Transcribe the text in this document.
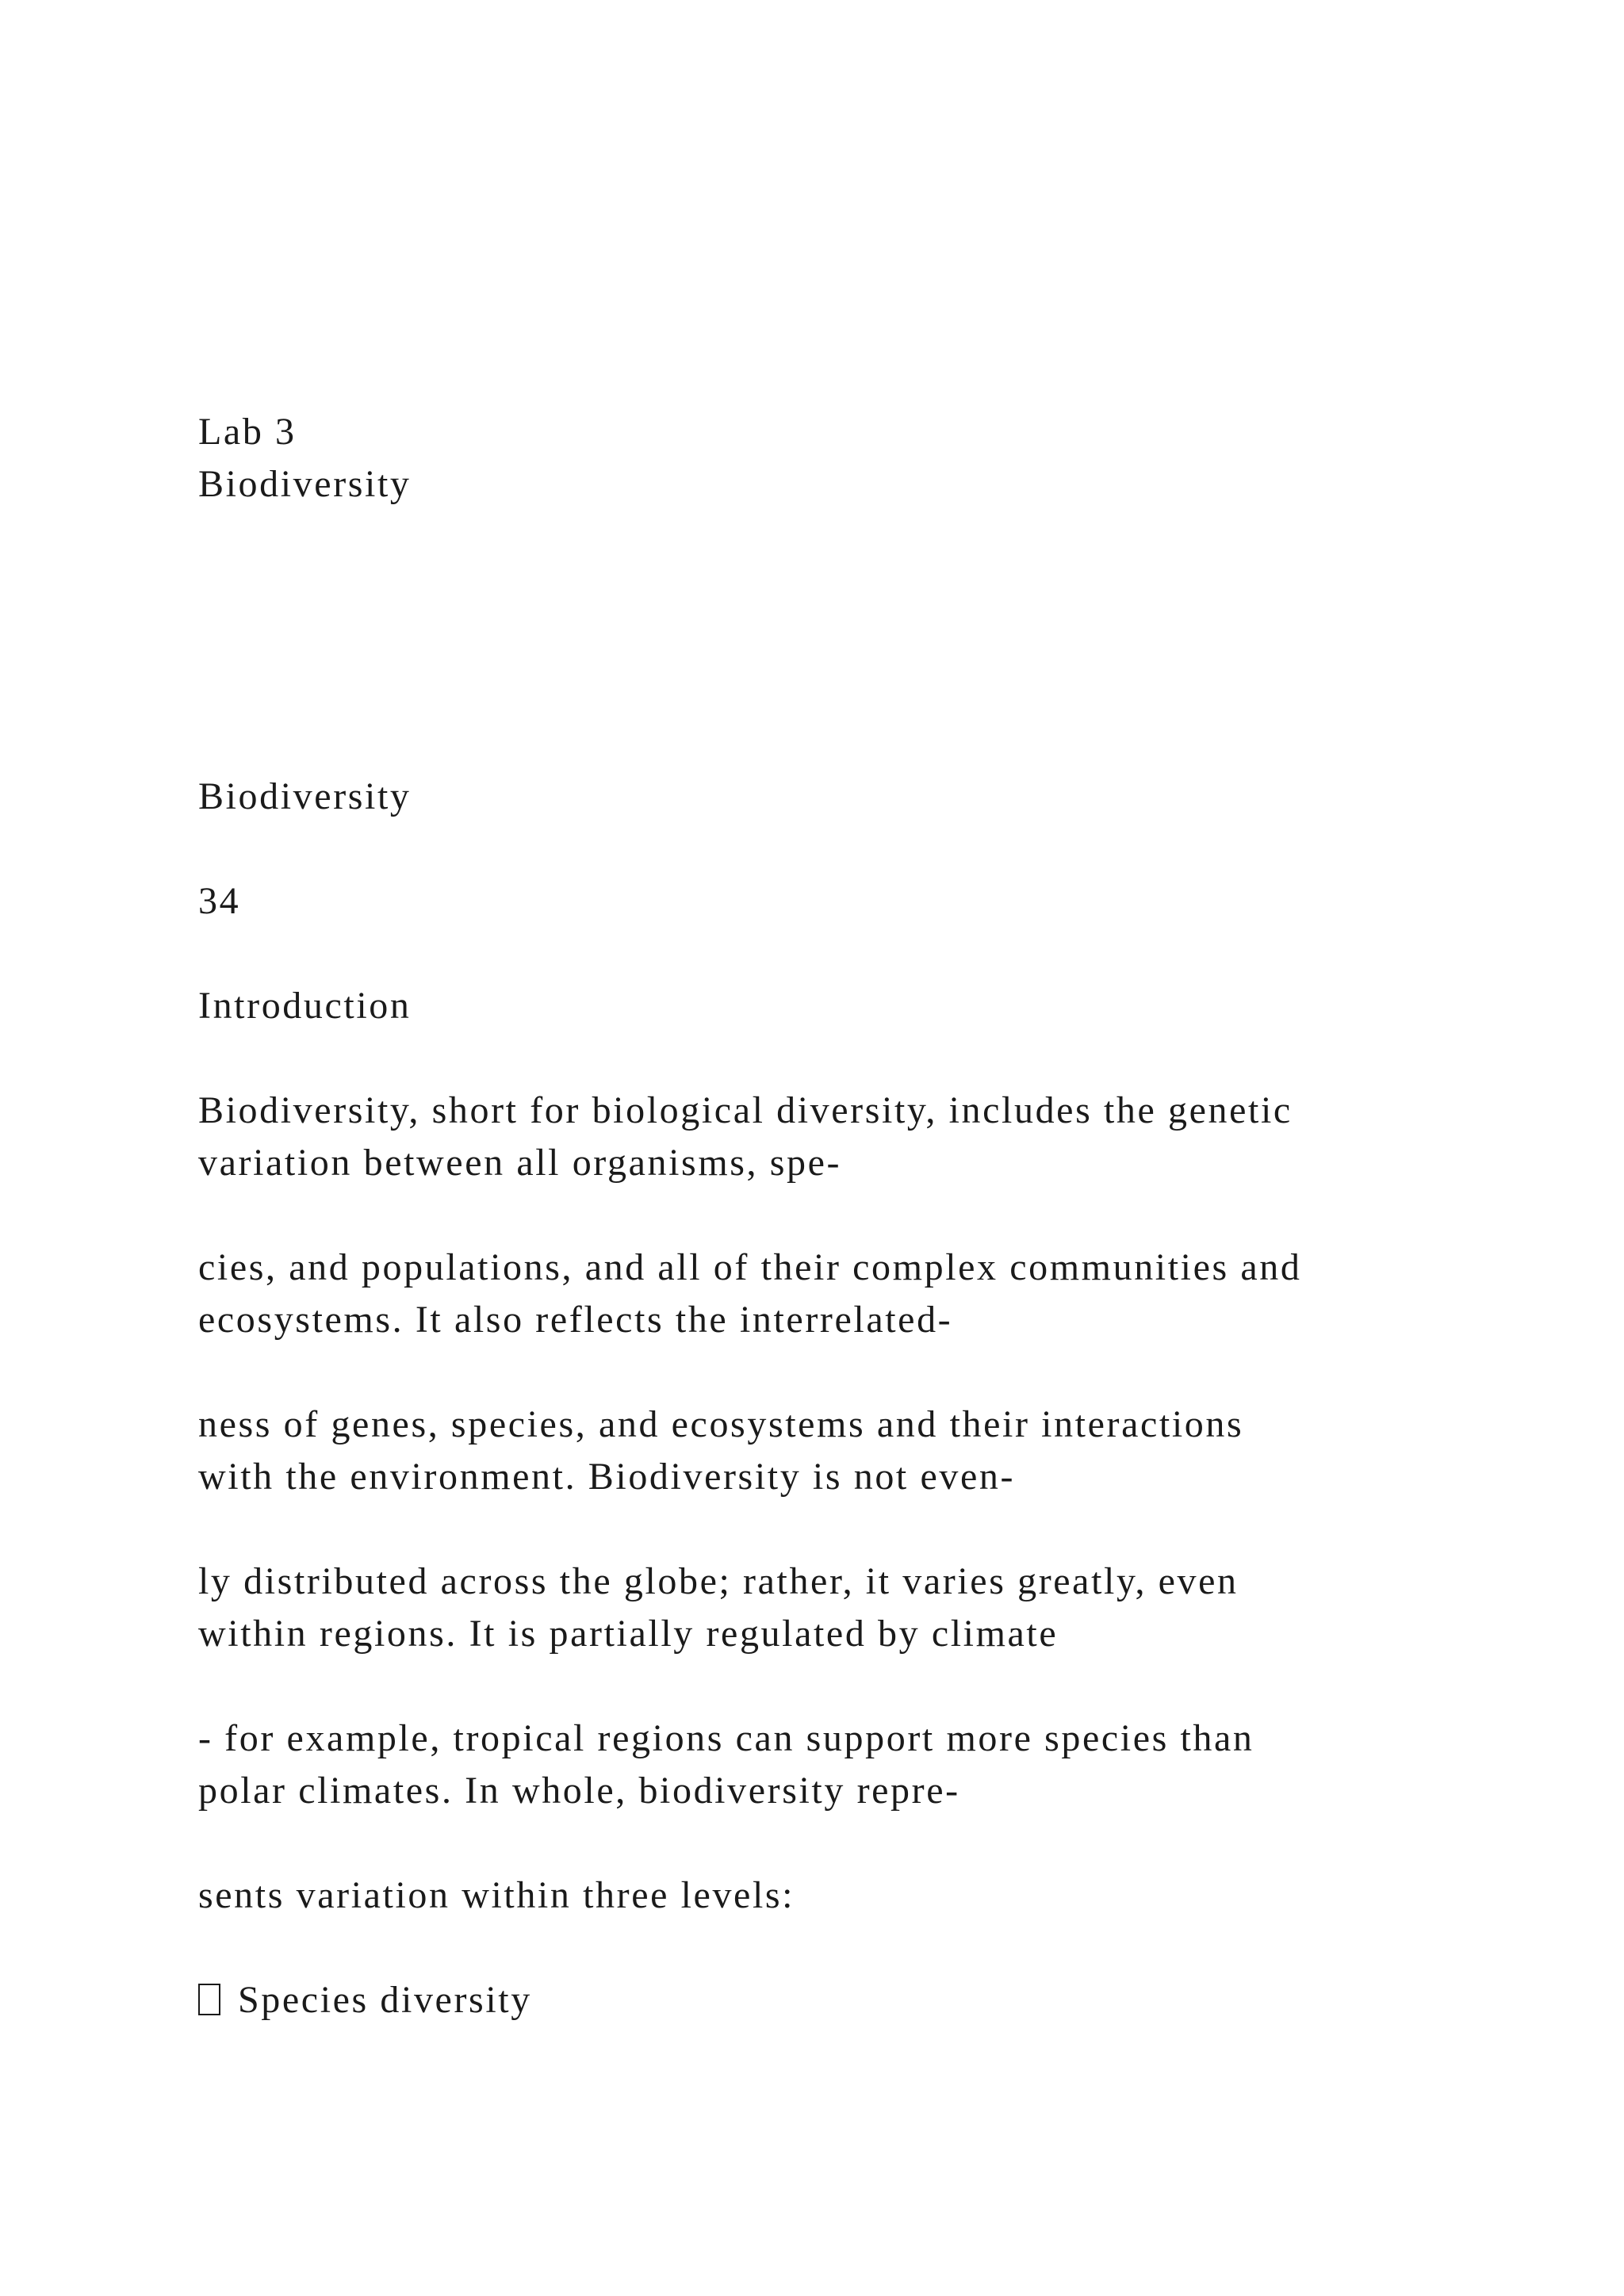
Lab 3
Biodiversity
Biodiversity
34
Introduction
Biodiversity, short for biological diversity, includes the genetic
variation between all organisms, spe-
cies, and populations, and all of their complex communities and
ecosystems. It also reflects the interrelated-
ness of genes, species, and ecosystems and their interactions
with the environment. Biodiversity is not even-
ly distributed across the globe; rather, it varies greatly, even
within regions. It is partially regulated by climate
- for example, tropical regions can support more species than
polar climates. In whole, biodiversity repre-
sents variation within three levels:
Species diversity
